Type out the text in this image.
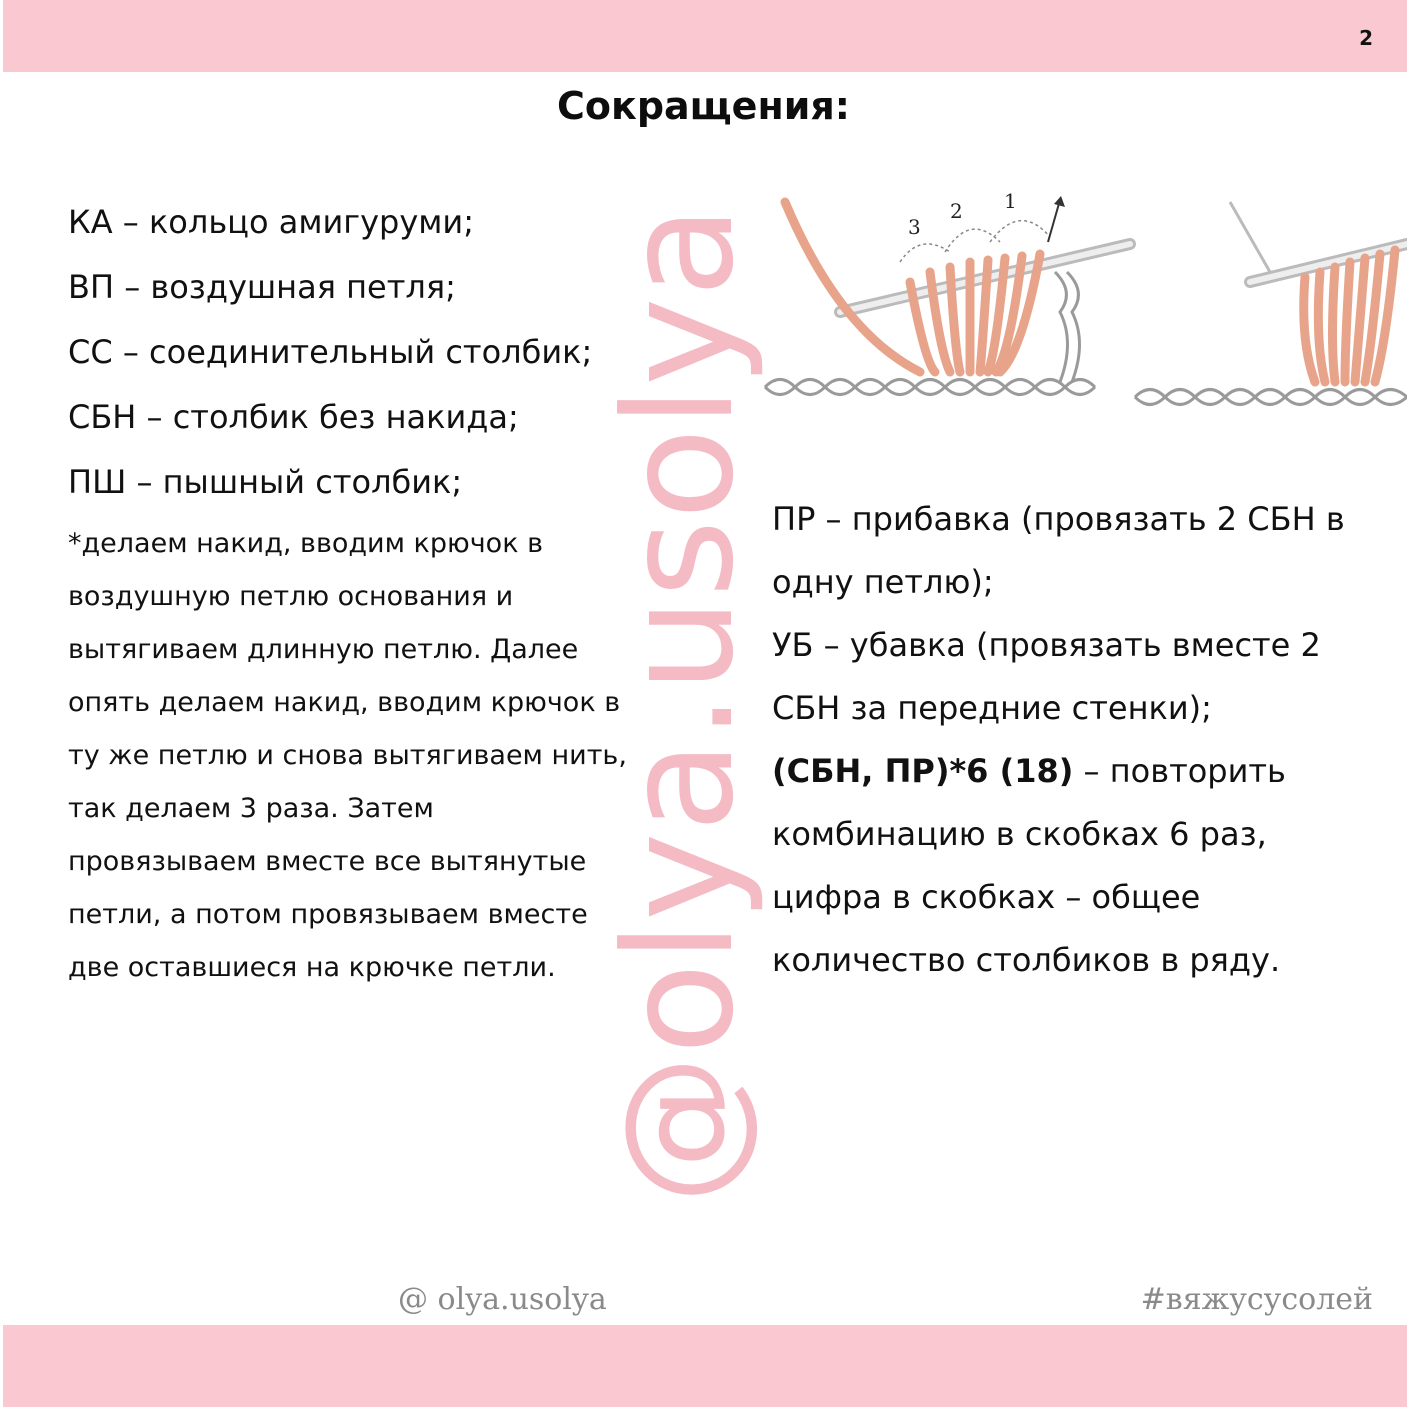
2
@olya.usolya
Сокращения:
КА – кольцо амигуруми;
ВП – воздушная петля;
СС – соединительный столбик;
СБН – столбик без накида;
ПШ – пышный столбик;
*делаем накид, вводим крючок в
воздушную петлю основания и
вытягиваем длинную петлю. Далее
опять делаем накид, вводим крючок в
ту же петлю и снова вытягиваем нить,
так делаем 3 раза. Затем
провязываем вместе все вытянутые
петли, а потом провязываем вместе
две оставшиеся на крючке петли.
3
2 1
ПР – прибавка (провязать 2 СБН в
одну петлю);
УБ – убавка (провязать вместе 2
СБН за передние стенки);
(СБН, ПР)*6 (18) – повторить
комбинацию в скобках 6 раз,
цифра в скобках – общее
количество столбиков в ряду.
@ olya.usolya	#вяжусуcолей
